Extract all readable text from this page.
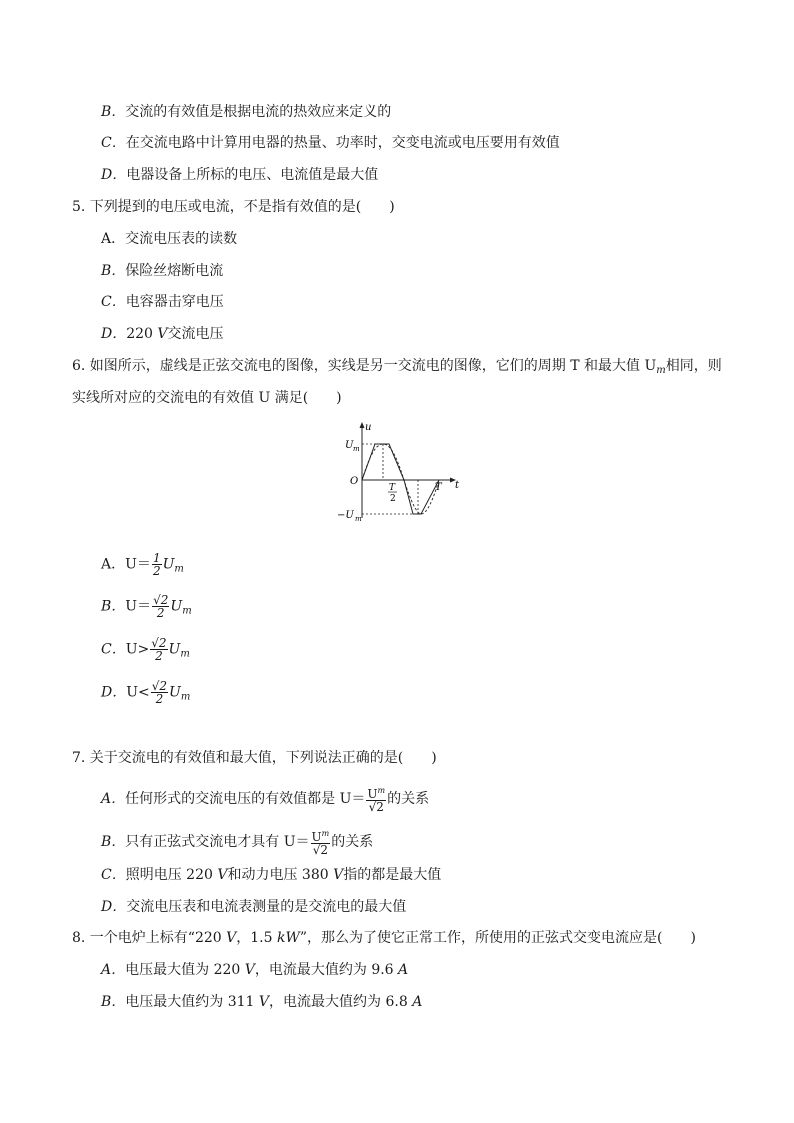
B．交流的有效值是根据电流的热效应来定义的
C．在交流电路中计算用电器的热量、功率时，交变电流或电压要用有效值
D．电器设备上所标的电压、电流值是最大值
5. 下列提到的电压或电流，不是指有效值的是(　　)
A．交流电压表的读数
B．保险丝熔断电流
C．电容器击穿电压
D．220 V交流电压
6. 如图所示，虚线是正弦交流电的图像，实线是另一交流电的图像，它们的周期 T 和最大值 $U_m$相同，则
实线所对应的交流电的有效值 U 满足(　　)
u
t
O
U m
−U m
T
2
T
A．$U= \frac{1}{2} U_m$
B．$U= \frac{√2}{2} U_m$
C．$U> \frac{√2}{2} U_m$
D．$U< \frac{√2}{2} U_m$
7. 关于交流电的有效值和最大值，下列说法正确的是(　　)
A．任何形式的交流电压的有效值都是 $U= \frac{U^m}{√2}$ 的关系
B．只有正弦式交流电才具有 $U= \frac{U^m}{√2}$ 的关系
C．照明电压 220 V和动力电压 380 V指的都是最大值
D．交流电压表和电流表测量的是交流电的最大值
8. 一个电炉上标有“220 V，1.5 kW”，那么为了使它正常工作，所使用的正弦式交变电流应是(　　)
A．电压最大值为 220 V，电流最大值约为 9.6 A
B．电压最大值约为 311 V，电流最大值约为 6.8 A
